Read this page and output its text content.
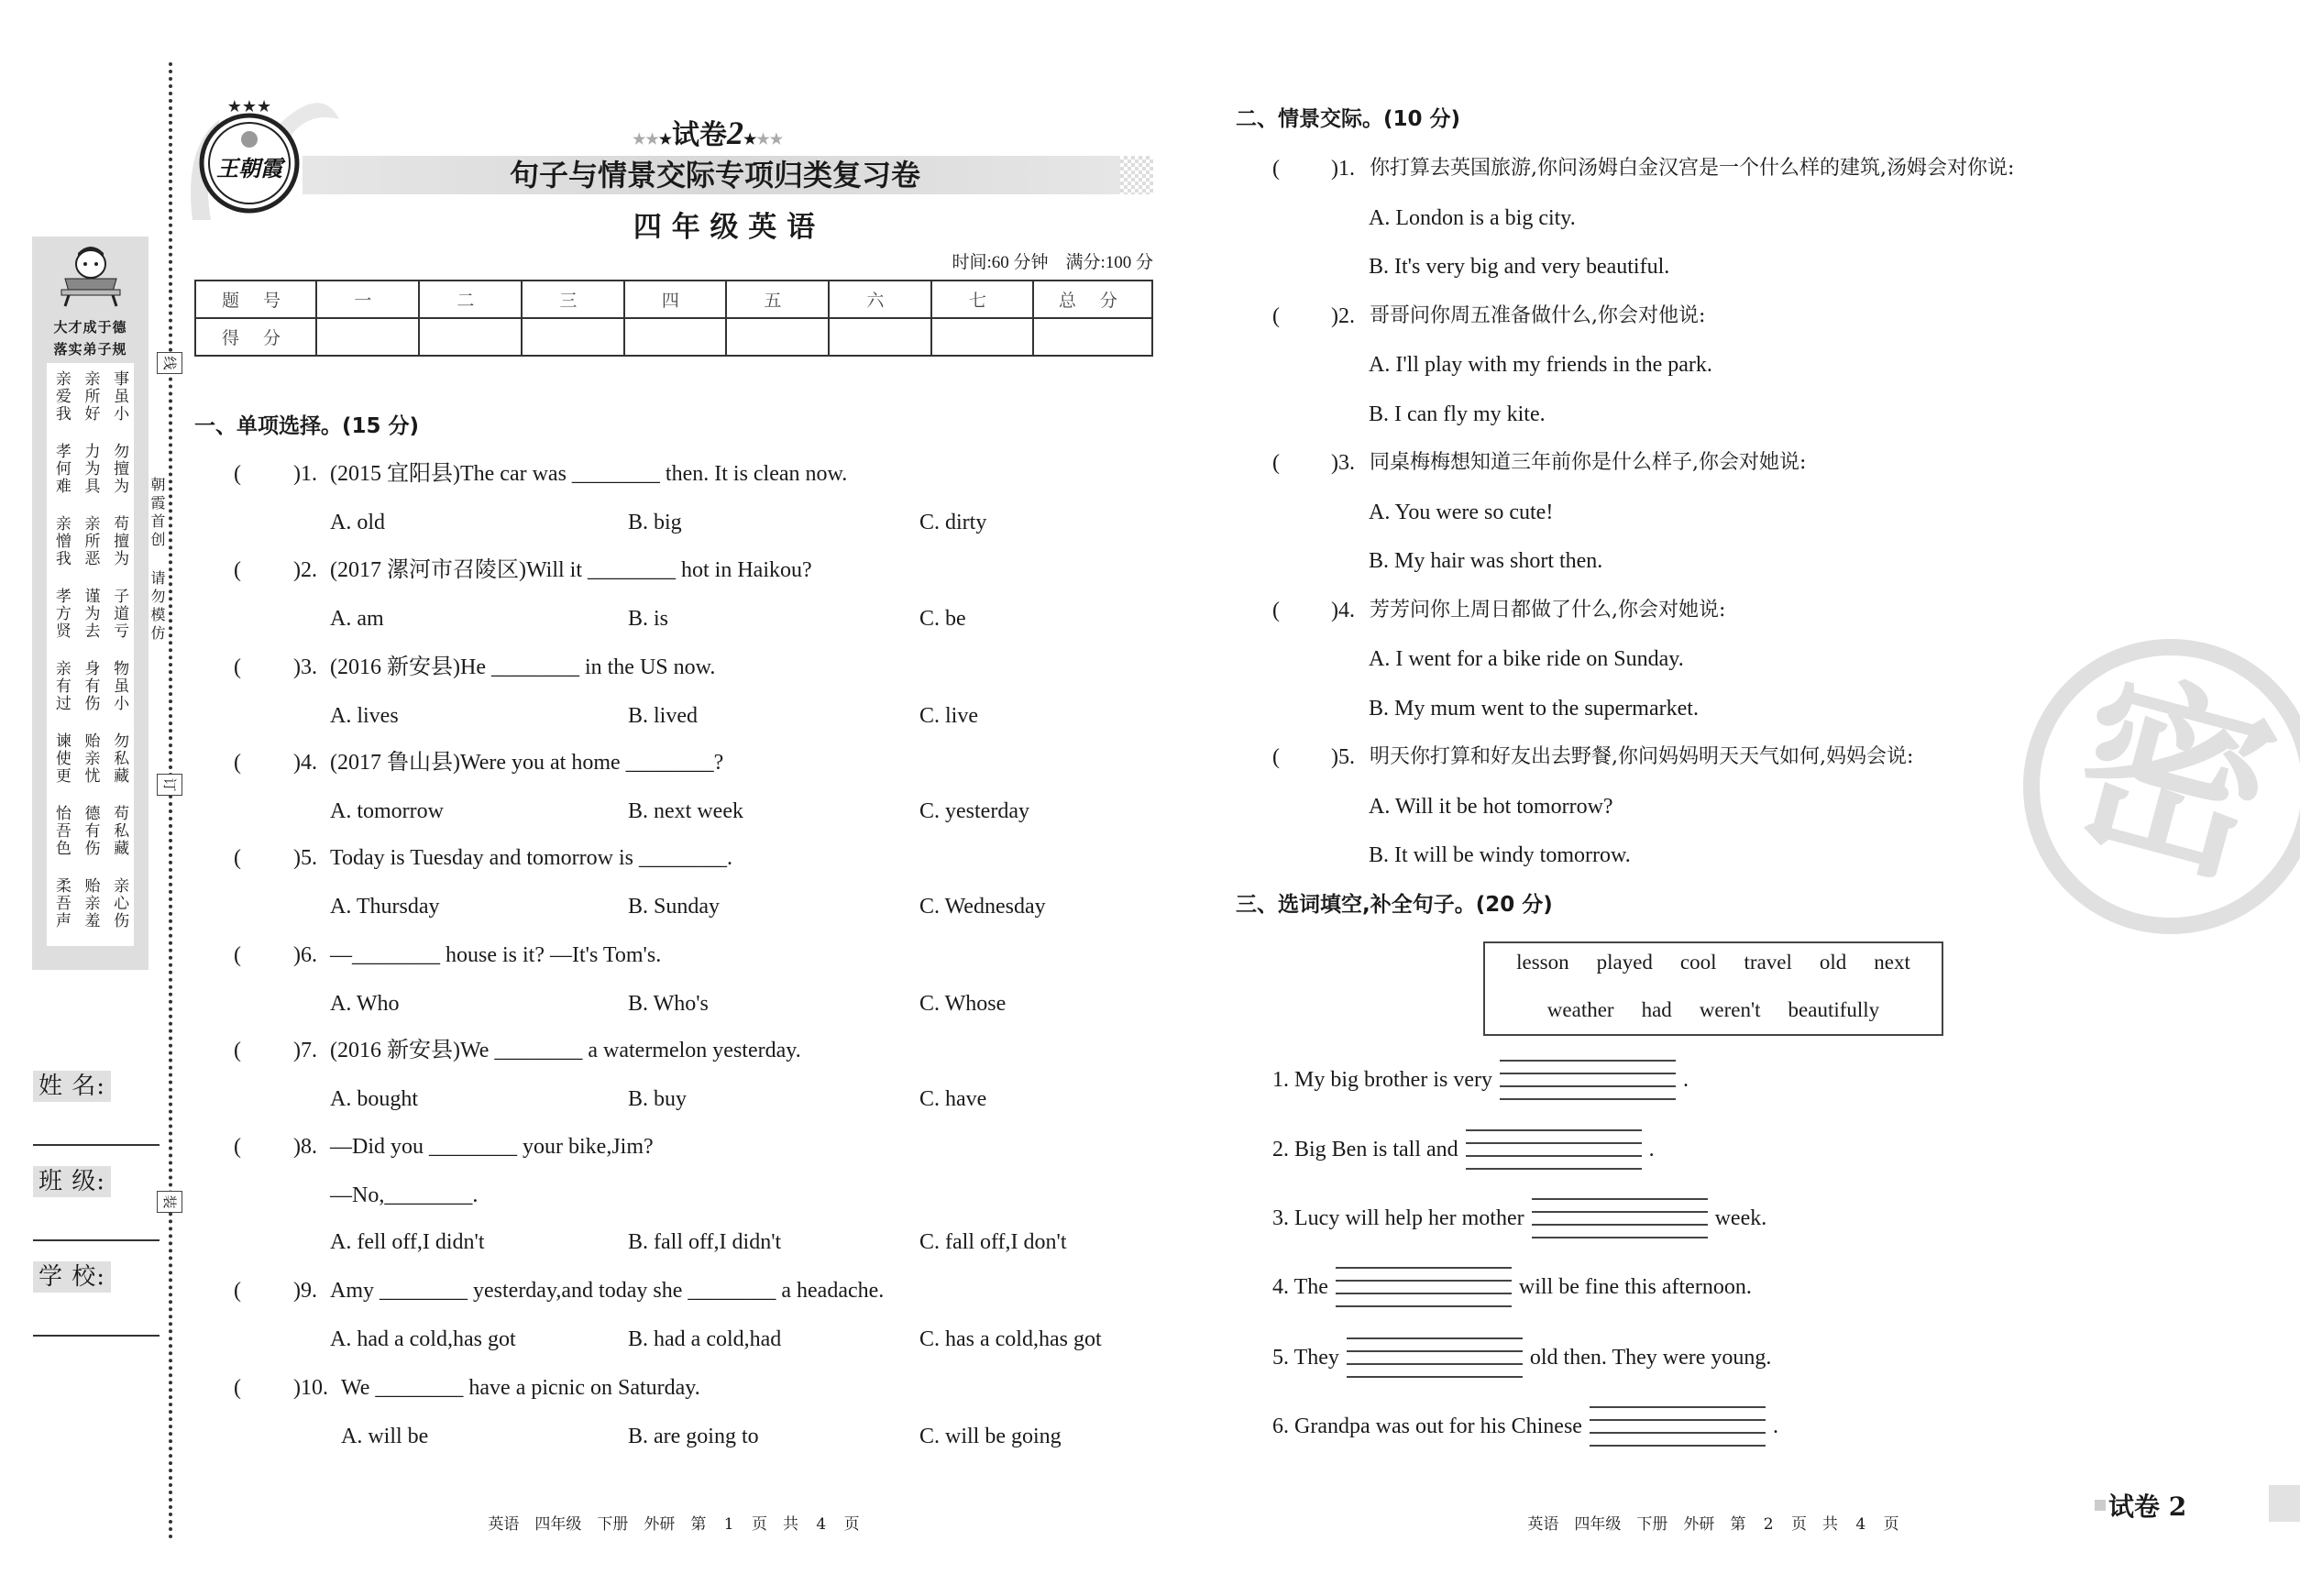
密
线
订
装
朝霞首创
请勿模仿
大才成于德
落实弟子规
亲爱我 亲所好 事虽小
孝何难 力为具 勿擅为
亲憎我 亲所恶 苟擅为
孝方贤 谨为去 子道亏
亲有过 身有伤 物虽小
谏使更 贻亲忧 勿私藏
怡吾色 德有伤 苟私藏
柔吾声 贻亲羞 亲心伤
姓 名:
班 级:
学 校:
★★★
王朝霞
★★★试卷2★★★
句子与情景交际专项归类复习卷
四 年 级 英 语
时间:60 分钟　满分:100 分
题 号	一	二	三	四	五	六	七	总 分
得 分								
一、单项选择。(15 分)
( )1. (2015 宜阳县)The car was ________ then. It is clean now.
A. old	B. big	C. dirty
( )2. (2017 漯河市召陵区)Will it ________ hot in Haikou?
A. am	B. is	C. be
( )3. (2016 新安县)He ________ in the US now.
A. lives	B. lived	C. live
( )4. (2017 鲁山县)Were you at home ________?
A. tomorrow	B. next week	C. yesterday
( )5. Today is Tuesday and tomorrow is ________.
A. Thursday	B. Sunday	C. Wednesday
( )6. —________ house is it? —It's Tom's.
A. Who	B. Who's	C. Whose
( )7. (2016 新安县)We ________ a watermelon yesterday.
A. bought	B. buy	C. have
( )8. —Did you ________ your bike,Jim?
—No,________.
A. fell off,I didn't	B. fall off,I didn't	C. fall off,I don't
( )9. Amy ________ yesterday,and today she ________ a headache.
A. had a cold,has got	B. had a cold,had	C. has a cold,has got
( )10. We ________ have a picnic on Saturday.
A. will be	B. are going to	C. will be going
二、情景交际。(10 分)
( )1. 你打算去英国旅游,你问汤姆白金汉宫是一个什么样的建筑,汤姆会对你说:
A. London is a big city.
B. It's very big and very beautiful.
( )2. 哥哥问你周五准备做什么,你会对他说:
A. I'll play with my friends in the park.
B. I can fly my kite.
( )3. 同桌梅梅想知道三年前你是什么样子,你会对她说:
A. You were so cute!
B. My hair was short then.
( )4. 芳芳问你上周日都做了什么,你会对她说:
A. I went for a bike ride on Sunday.
B. My mum went to the supermarket.
( )5. 明天你打算和好友出去野餐,你问妈妈明天天气如何,妈妈会说:
A. Will it be hot tomorrow?
B. It will be windy tomorrow.
三、选词填空,补全句子。(20 分)
lesson played cool travel old next
weather had weren't beautifully
1. My big brother is very	.
2. Big Ben is tall and	.
3. Lucy will help her mother	week.
4. The	will be fine this afternoon.
5. They	old then. They were young.
6. Grandpa was out for his Chinese	.
英语　四年级　下册　外研　第 1 页　共 4 页	英语　四年级　下册　外研　第 2 页　共 4 页
试卷 2
